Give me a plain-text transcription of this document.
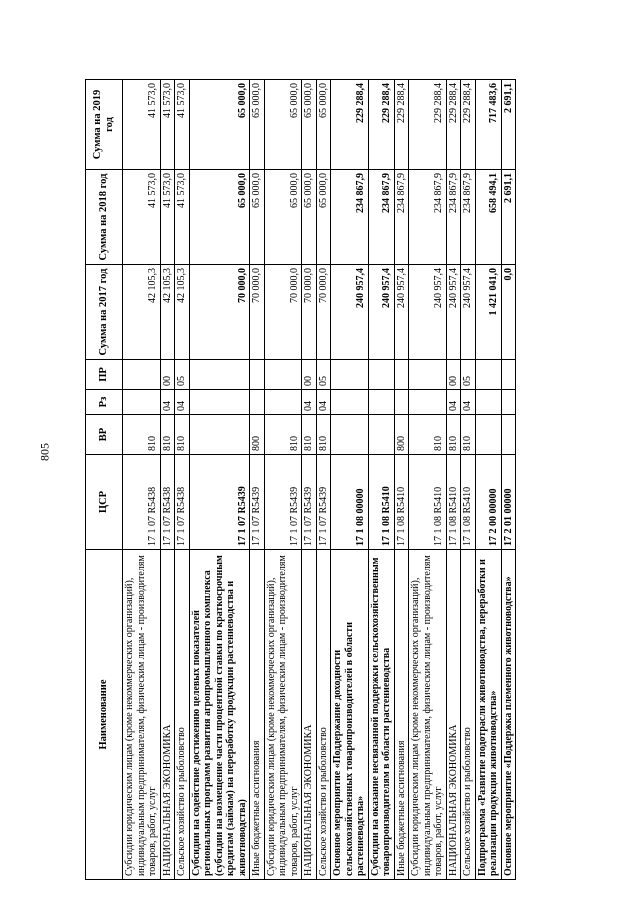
805
Наименование	ЦСР	ВР	Рз	ПР	Сумма на 2017 год	Сумма на 2018 год	Сумма на 2019 год
Субсидии юридическим лицам (кроме некоммерческих организаций), индивидуальным предпринимателям, физическим лицам - производителям товаров, работ, услуг	17 1 07 R5438	810			42 105,3	41 573,0	41 573,0
НАЦИОНАЛЬНАЯ ЭКОНОМИКА	17 1 07 R5438	810	04	00	42 105,3	41 573,0	41 573,0
Сельское хозяйство и рыболовство	17 1 07 R5438	810	04	05	42 105,3	41 573,0	41 573,0
Субсидии на содействие достижению целевых показателей региональных программ развития агропромышленного комплекса (субсидии на возмещение части процентной ставки по краткосрочным кредитам (займам) на переработку продукции растениеводства и животноводства)	17 1 07 R5439				70 000,0	65 000,0	65 000,0
Иные бюджетные ассигнования	17 1 07 R5439	800			70 000,0	65 000,0	65 000,0
Субсидии юридическим лицам (кроме некоммерческих организаций), индивидуальным предпринимателям, физическим лицам - производителям товаров, работ, услуг	17 1 07 R5439	810			70 000,0	65 000,0	65 000,0
НАЦИОНАЛЬНАЯ ЭКОНОМИКА	17 1 07 R5439	810	04	00	70 000,0	65 000,0	65 000,0
Сельское хозяйство и рыболовство	17 1 07 R5439	810	04	05	70 000,0	65 000,0	65 000,0
Основное мероприятие «Поддержание доходности сельскохозяйственных товаропроизводителей в области растениеводства»	17 1 08 00000				240 957,4	234 867,9	229 288,4
Субсидии на оказание несвязанной поддержки сельскохозяйственным товаропроизводителям в области растениеводства	17 1 08 R5410				240 957,4	234 867,9	229 288,4
Иные бюджетные ассигнования	17 1 08 R5410	800			240 957,4	234 867,9	229 288,4
Субсидии юридическим лицам (кроме некоммерческих организаций), индивидуальным предпринимателям, физическим лицам - производителям товаров, работ, услуг	17 1 08 R5410	810			240 957,4	234 867,9	229 288,4
НАЦИОНАЛЬНАЯ ЭКОНОМИКА	17 1 08 R5410	810	04	00	240 957,4	234 867,9	229 288,4
Сельское хозяйство и рыболовство	17 1 08 R5410	810	04	05	240 957,4	234 867,9	229 288,4
Подпрограмма «Развитие подотрасли животноводства, переработки и реализации продукции животноводства»	17 2 00 00000				1 421 041,0	658 494,1	717 483,6
Основное мероприятие «Поддержка племенного животноводства»	17 2 01 00000				0,0	2 691,1	2 691,1
